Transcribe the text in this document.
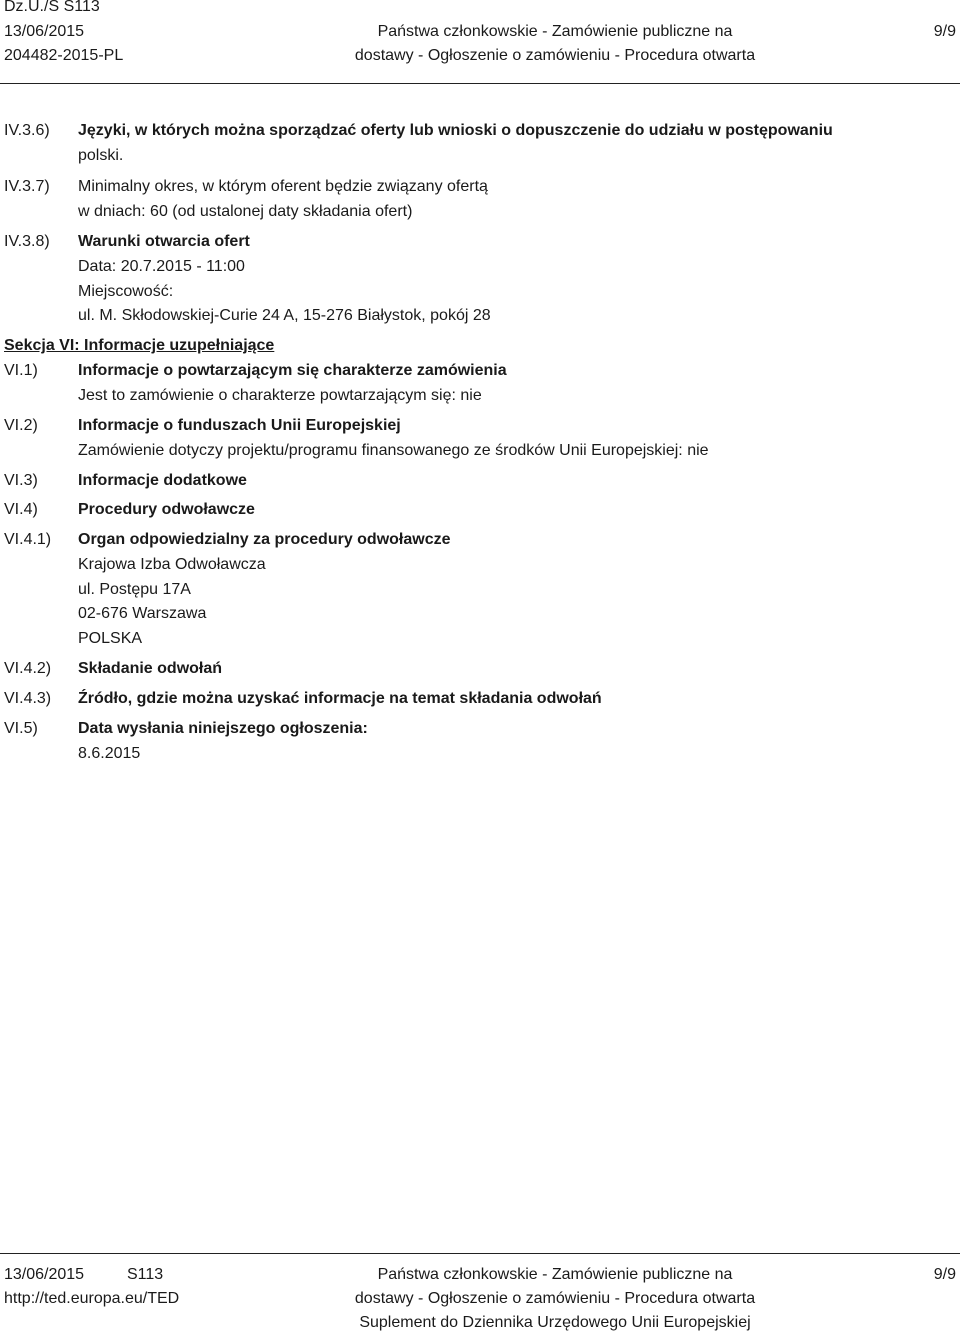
Dz.U./S S113
13/06/2015
204482-2015-PL
Państwa członkowskie - Zamówienie publiczne na
dostawy - Ogłoszenie o zamówieniu - Procedura otwarta
9/9
IV.3.6) Języki, w których można sporządzać oferty lub wnioski o dopuszczenie do udziału w postępowaniu
polski.
IV.3.7) Minimalny okres, w którym oferent będzie związany ofertą
w dniach: 60 (od ustalonej daty składania ofert)
IV.3.8) Warunki otwarcia ofert
Data: 20.7.2015 - 11:00
Miejscowość:
ul. M. Skłodowskiej-Curie 24 A, 15-276 Białystok, pokój 28
Sekcja VI: Informacje uzupełniające
VI.1)	Informacje o powtarzającym się charakterze zamówienia
Jest to zamówienie o charakterze powtarzającym się: nie
VI.2)	Informacje o funduszach Unii Europejskiej
Zamówienie dotyczy projektu/programu finansowanego ze środków Unii Europejskiej: nie
VI.3)	Informacje dodatkowe
VI.4)	Procedury odwoławcze
VI.4.1) Organ odpowiedzialny za procedury odwoławcze
Krajowa Izba Odwoławcza
ul. Postępu 17A
02-676 Warszawa
POLSKA
VI.4.2) Składanie odwołań
VI.4.3) Źródło, gdzie można uzyskać informacje na temat składania odwołań
VI.5)	Data wysłania niniejszego ogłoszenia:
8.6.2015
13/06/2015	S113
http://ted.europa.eu/TED
Państwa członkowskie - Zamówienie publiczne na
dostawy - Ogłoszenie o zamówieniu - Procedura otwarta
Suplement do Dziennika Urzędowego Unii Europejskiej
9/9
